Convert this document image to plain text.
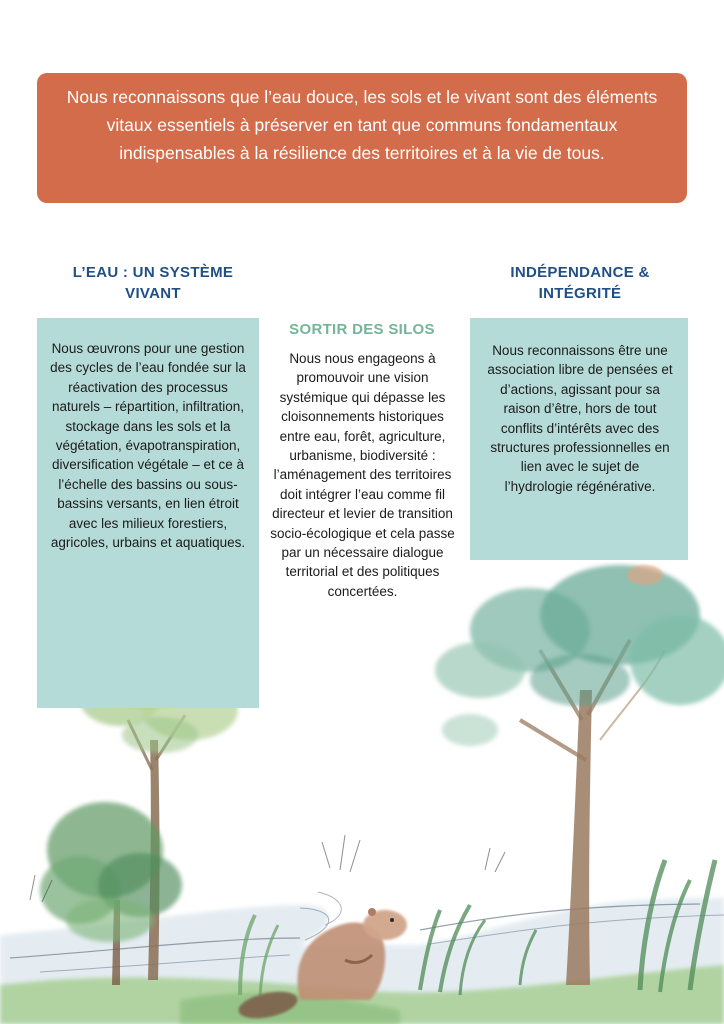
Nous reconnaissons que l’eau douce, les sols et le vivant sont des éléments vitaux essentiels à préserver en tant que communs fondamentaux indispensables à la résilience des territoires et à la vie de tous.
L’EAU : UN SYSTÈME VIVANT
Nous œuvrons pour une gestion des cycles de l’eau fondée sur la réactivation des processus naturels – répartition, infiltration, stockage dans les sols et la végétation, évapotranspiration, diversification végétale – et ce à l’échelle des bassins ou sous-bassins versants, en lien étroit avec les milieux forestiers, agricoles, urbains et aquatiques.
SORTIR DES SILOS
Nous nous engageons à promouvoir une vision systémique qui dépasse les cloisonnements historiques entre eau, forêt, agriculture, urbanisme, biodiversité : l’aménagement des territoires doit intégrer l’eau comme fil directeur et levier de transition socio-écologique et cela passe par un nécessaire dialogue territorial et des politiques concertées.
INDÉPENDANCE & INTÉGRITÉ
Nous reconnaissons être une association libre de pensées et d’actions, agissant pour sa raison d’être, hors de tout conflits d’intérêts avec des structures professionnelles en lien avec le sujet de l’hydrologie régénérative.
